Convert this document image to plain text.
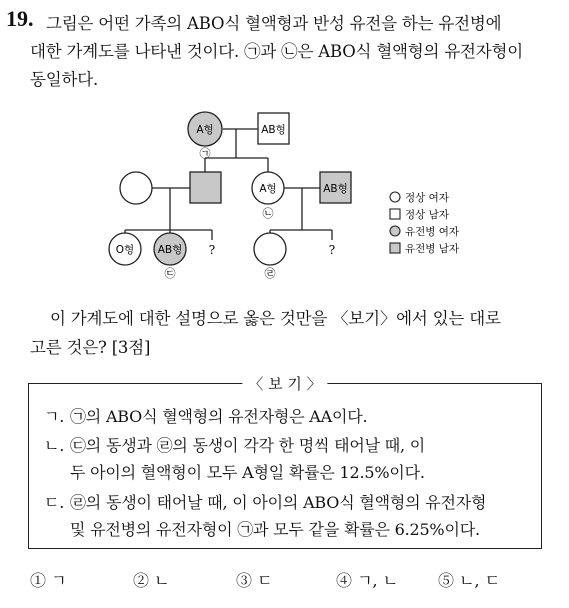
19. 그림은 어떤 가족의 ABO식 혈액형과 반성 유전을 하는 유전병에
대한 가계도를 나타낸 것이다. ㉠과 ㉡은 ABO식 혈액형의 유전자형이
동일하다.
A형
㉠
AB형
A형
㉡
AB형
O형 AB형
㉢
?
㉣
?
정상 여자
정상 남자
유전병 여자
유전병 남자
이 가계도에 대한 설명으로 옳은 것만을 〈보기〉에서 있는 대로
고른 것은? [3점]
〈 보 기 〉
ㄱ. ㉠의 ABO식 혈액형의 유전자형은 AA이다.
ㄴ. ㉢의 동생과 ㉣의 동생이 각각 한 명씩 태어날 때, 이
두 아이의 혈액형이 모두 A형일 확률은 12.5%이다.
ㄷ. ㉣의 동생이 태어날 때, 이 아이의 ABO식 혈액형의 유전자형
및 유전병의 유전자형이 ㉠과 모두 같을 확률은 6.25%이다.
① ㄱ	② ㄴ	③ ㄷ	④ ㄱ, ㄴ ⑤ ㄴ, ㄷ
